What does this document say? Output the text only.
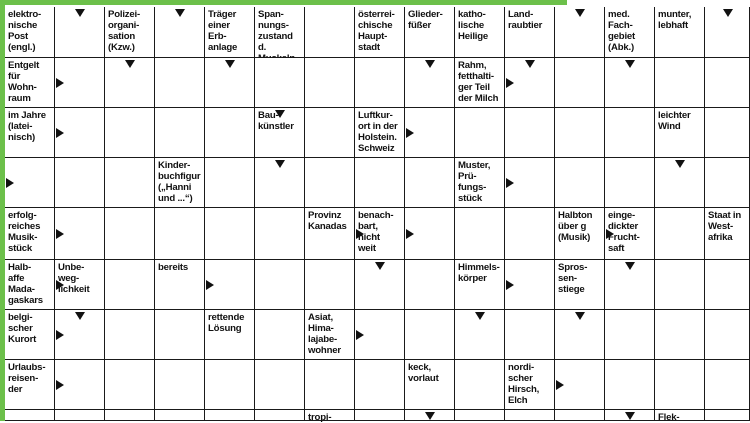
elektro-
nische
Post
(engl.)
Polizei-
organi-
sation
(Kzw.)
Träger
einer
Erb-
anlage
Span-
nungs-
zustand d.

österrei-
chische
Haupt-
stadt
Glieder-
füßer
katho-
lische
Heilige
Land-
raubtier
med.
Fach-
gebiet
(Abk.)
munter,
lebhaft
Entgelt
für
Wohn-
raum
Rahm,
fetthalti-
ger Teil
der Milch
im Jahre
(latei-
nisch)
Bau-
künstler
Luftkur-
ort in der
Holstein.
Schweiz
leichter
Wind
Kinder-
buchfigur
(„Hanni
und ...“)
Muster,
Prü-
fungs-
stück
erfolg-
reiches
Musik-
stück
Provinz
Kanadas
benach-
bart,
nicht
weit
Halbton
über g
(Musik)
einge-
dickter
Frucht-
saft
Staat in
West-
afrika
Halb-
affe
Mada-
gaskars
Unbe-
weg-
lichkeit
bereits	Himmels-
körper
Spros-
sen-
stiege
belgi-
scher
Kurort
rettende
Lösung
Asiat,
Hima-
lajabe-
wohner
Urlaubs-
reisen-
der
keck,
vorlaut
nordi-
scher
Hirsch,
Elch
tropi-	Flek-
